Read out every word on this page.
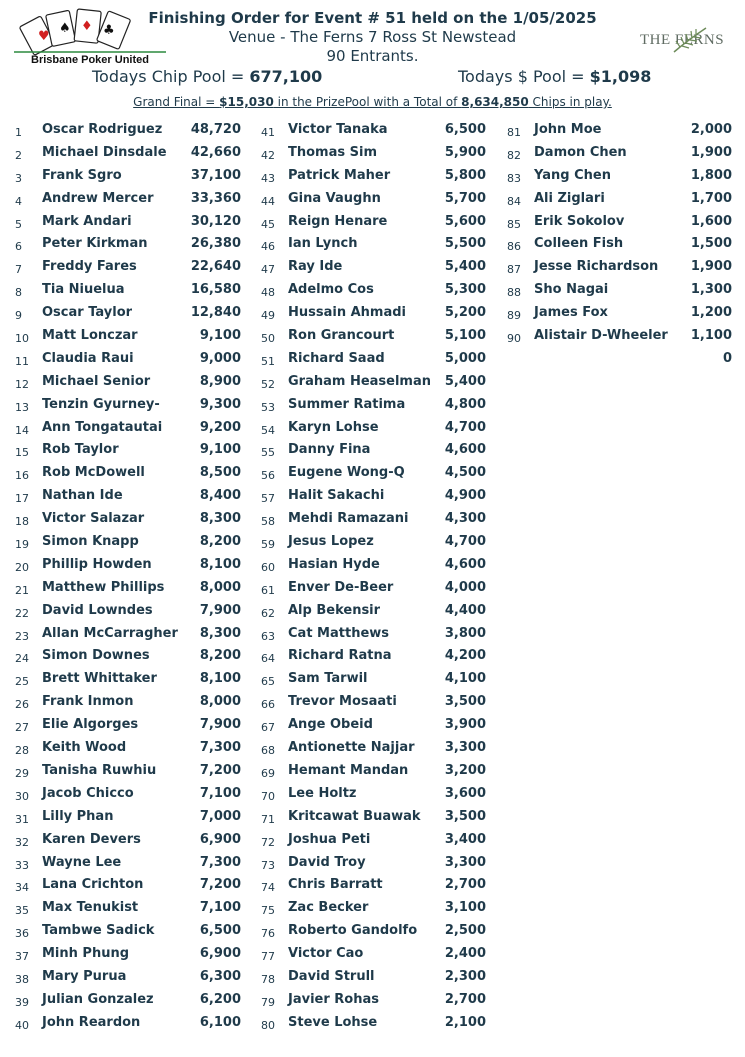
♥
♠ ♦ ♣
Brisbane Poker United
THE FERNS
Finishing Order for Event # 51 held on the 1/05/2025
Venue - The Ferns 7 Ross St Newstead
90 Entrants.
Todays Chip Pool = 677,100	Todays $ Pool = $1,098
Grand Final = $15,030 in the PrizePool with a Total of 8,634,850 Chips in play.
1	Oscar Rodriguez 48,720
2	Michael Dinsdale 42,660
3	Frank Sgro	37,100
4	Andrew Mercer	33,360
5	Mark Andari	30,120
6	Peter Kirkman	26,380
7	Freddy Fares	22,640
8	Tia Niuelua	16,580
9	Oscar Taylor	12,840
10	Matt Lonczar	9,100
11	Claudia Raui	9,000
12	Michael Senior	8,900
13	Tenzin Gyurney-	9,300
14	Ann Tongatautai	9,200
15	Rob Taylor	9,100
16	Rob McDowell	8,500
17	Nathan Ide	8,400
18	Victor Salazar	8,300
19	Simon Knapp	8,200
20	Phillip Howden	8,100
21	Matthew Phillips	8,000
22	David Lowndes	7,900
23	Allan McCarragher 8,300
24	Simon Downes	8,200
25	Brett Whittaker	8,100
26	Frank Inmon	8,000
27	Elie Algorges	7,900
28	Keith Wood	7,300
29	Tanisha Ruwhiu	7,200
30	Jacob Chicco	7,100
31	Lilly Phan	7,000
32	Karen Devers	6,900
33	Wayne Lee	7,300
34	Lana Crichton	7,200
35	Max Tenukist	7,100
36	Tambwe Sadick	6,500
37	Minh Phung	6,900
38	Mary Purua	6,300
39	Julian Gonzalez	6,200
40	John Reardon	6,100
41	Victor Tanaka	6,500
42	Thomas Sim	5,900
43	Patrick Maher	5,800
44	Gina Vaughn	5,700
45	Reign Henare	5,600
46	Ian Lynch	5,500
47	Ray Ide	5,400
48	Adelmo Cos	5,300
49	Hussain Ahmadi	5,200
50	Ron Grancourt	5,100
51	Richard Saad	5,000
52	Graham Heaselman 5,400
53	Summer Ratima	4,800
54	Karyn Lohse	4,700
55	Danny Fina	4,600
56	Eugene Wong-Q	4,500
57	Halit Sakachi	4,900
58	Mehdi Ramazani	4,300
59	Jesus Lopez	4,700
60	Hasian Hyde	4,600
61	Enver De-Beer	4,000
62	Alp Bekensir	4,400
63	Cat Matthews	3,800
64	Richard Ratna	4,200
65	Sam Tarwil	4,100
66	Trevor Mosaati	3,500
67	Ange Obeid	3,900
68	Antionette Najjar 3,300
69	Hemant Mandan	3,200
70	Lee Holtz	3,600
71	Kritcawat Buawak 3,500
72	Joshua Peti	3,400
73	David Troy	3,300
74	Chris Barratt	2,700
75	Zac Becker	3,100
76	Roberto Gandolfo 2,500
77	Victor Cao	2,400
78	David Strull	2,300
79	Javier Rohas	2,700
80	Steve Lohse	2,100
81	John Moe	2,000
82	Damon Chen	1,900
83	Yang Chen	1,800
84	Ali Ziglari	1,700
85	Erik Sokolov	1,600
86	Colleen Fish	1,500
87	Jesse Richardson	1,900
88	Sho Nagai	1,300
89	James Fox	1,200
90	Alistair D-Wheeler 1,100
0
